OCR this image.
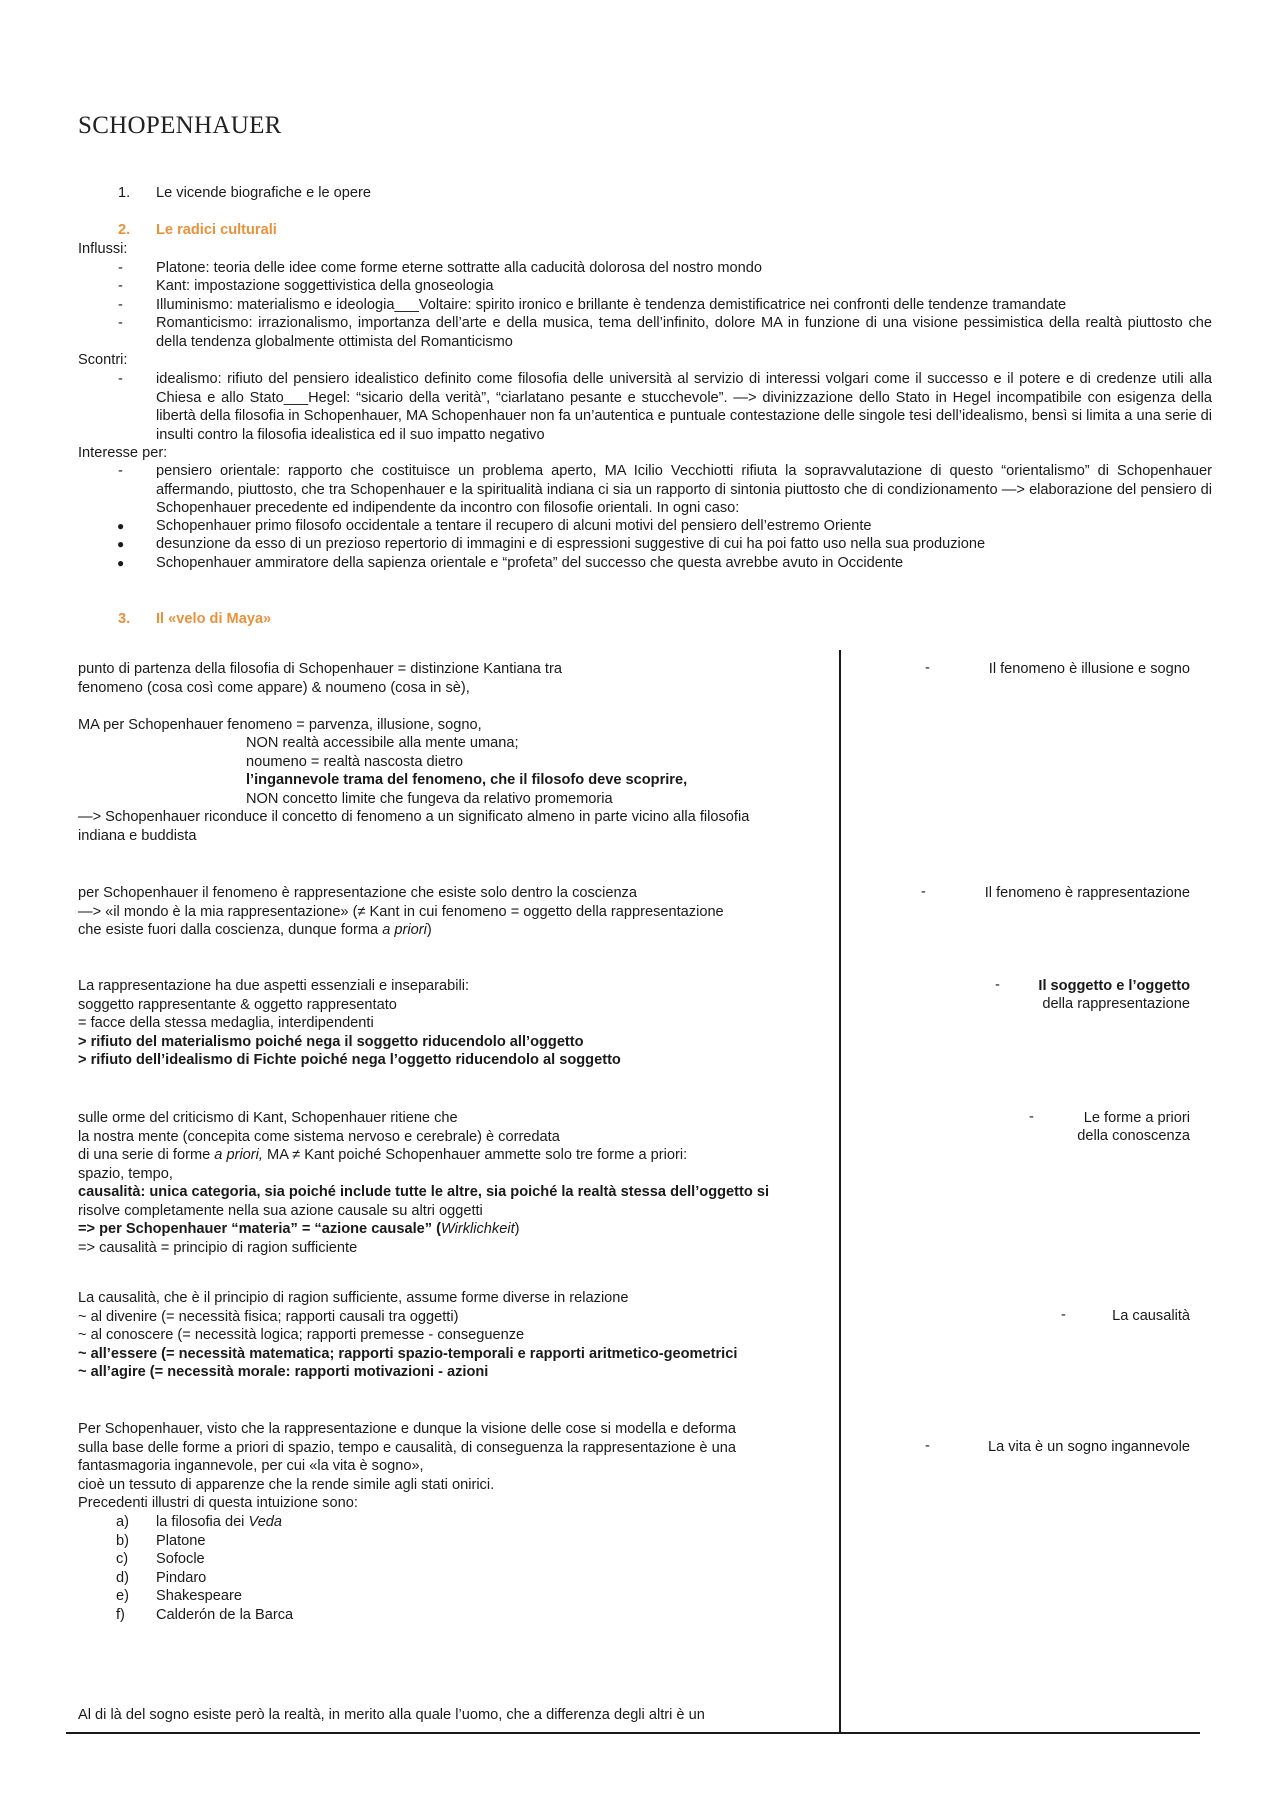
SCHOPENHAUER
1. Le vicende biografiche e le opere
2. Le radici culturali
Influssi:
- Platone: teoria delle idee come forme eterne sottratte alla caducità dolorosa del nostro mondo
- Kant: impostazione soggettivistica della gnoseologia
- Illuminismo: materialismo e ideologia___Voltaire: spirito ironico e brillante è tendenza demistificatrice nei confronti delle tendenze tramandate
- Romanticismo: irrazionalismo, importanza dell’arte e della musica, tema dell’infinito, dolore MA in funzione di una visione pessimistica della realtà piuttosto che della tendenza globalmente ottimista del Romanticismo
Scontri:
- idealismo: rifiuto del pensiero idealistico definito come filosofia delle università al servizio di interessi volgari come il successo e il potere e di credenze utili alla Chiesa e allo Stato___Hegel: “sicario della verità”, “ciarlatano pesante e stucchevole”. —> divinizzazione dello Stato in Hegel incompatibile con esigenza della libertà della filosofia in Schopenhauer, MA Schopenhauer non fa un’autentica e puntuale contestazione delle singole tesi dell’idealismo, bensì si limita a una serie di insulti contro la filosofia idealistica ed il suo impatto negativo
Interesse per:
- pensiero orientale: rapporto che costituisce un problema aperto, MA Icilio Vecchiotti rifiuta la sopravvalutazione di questo “orientalismo” di Schopenhauer affermando, piuttosto, che tra Schopenhauer e la spiritualità indiana ci sia un rapporto di sintonia piuttosto che di condizionamento —> elaborazione del pensiero di Schopenhauer precedente ed indipendente da incontro con filosofie orientali. In ogni caso:
● Schopenhauer primo filosofo occidentale a tentare il recupero di alcuni motivi del pensiero dell’estremo Oriente
● desunzione da esso di un prezioso repertorio di immagini e di espressioni suggestive di cui ha poi fatto uso nella sua produzione
● Schopenhauer ammiratore della sapienza orientale e “profeta” del successo che questa avrebbe avuto in Occidente
3. Il «velo di Maya»
punto di partenza della filosofia di Schopenhauer = distinzione Kantiana tra
fenomeno (cosa così come appare) & noumeno (cosa in sè),
MA per Schopenhauer fenomeno = parvenza, illusione, sogno,
NON realtà accessibile alla mente umana;
noumeno = realtà nascosta dietro
l’ingannevole trama del fenomeno, che il filosofo deve scoprire,
NON concetto limite che fungeva da relativo promemoria
—> Schopenhauer riconduce il concetto di fenomeno a un significato almeno in parte vicino alla filosofia
indiana e buddista
-	Il fenomeno è illusione e sogno
per Schopenhauer il fenomeno è rappresentazione che esiste solo dentro la coscienza
—> «il mondo è la mia rappresentazione» (≠ Kant in cui fenomeno = oggetto della rappresentazione
che esiste fuori dalla coscienza, dunque forma a priori)
-	Il fenomeno è rappresentazione
La rappresentazione ha due aspetti essenziali e inseparabili:
soggetto rappresentante & oggetto rappresentato
= facce della stessa medaglia, interdipendenti
> rifiuto del materialismo poiché nega il soggetto riducendolo all’oggetto
> rifiuto dell’idealismo di Fichte poiché nega l’oggetto riducendolo al soggetto
-	Il soggetto e l’oggetto
della rappresentazione
sulle orme del criticismo di Kant, Schopenhauer ritiene che
la nostra mente (concepita come sistema nervoso e cerebrale) è corredata
di una serie di forme a priori, MA ≠ Kant poiché Schopenhauer ammette solo tre forme a priori:
spazio, tempo,
causalità: unica categoria, sia poiché include tutte le altre, sia poiché la realtà stessa dell’oggetto si
risolve completamente nella sua azione causale su altri oggetti
=> per Schopenhauer “materia” = “azione causale” (Wirklichkeit)
=> causalità = principio di ragion sufficiente
-	Le forme a priori
della conoscenza
La causalità, che è il principio di ragion sufficiente, assume forme diverse in relazione
~ al divenire (= necessità fisica; rapporti causali tra oggetti)
~ al conoscere (= necessità logica; rapporti premesse - conseguenze
~ all’essere (= necessità matematica; rapporti spazio-temporali e rapporti aritmetico-geometrici
~ all’agire (= necessità morale: rapporti motivazioni - azioni
-	La causalità
Per Schopenhauer, visto che la rappresentazione e dunque la visione delle cose si modella e deforma
sulla base delle forme a priori di spazio, tempo e causalità, di conseguenza la rappresentazione è una
fantasmagoria ingannevole, per cui «la vita è sogno»,
cioè un tessuto di apparenze che la rende simile agli stati onirici.
Precedenti illustri di questa intuizione sono:
-	La vita è un sogno ingannevole
a) la filosofia dei Veda
b) Platone
c) Sofocle
d) Pindaro
e) Shakespeare
f) Calderón de la Barca
Al di là del sogno esiste però la realtà, in merito alla quale l’uomo, che a differenza degli altri è un
